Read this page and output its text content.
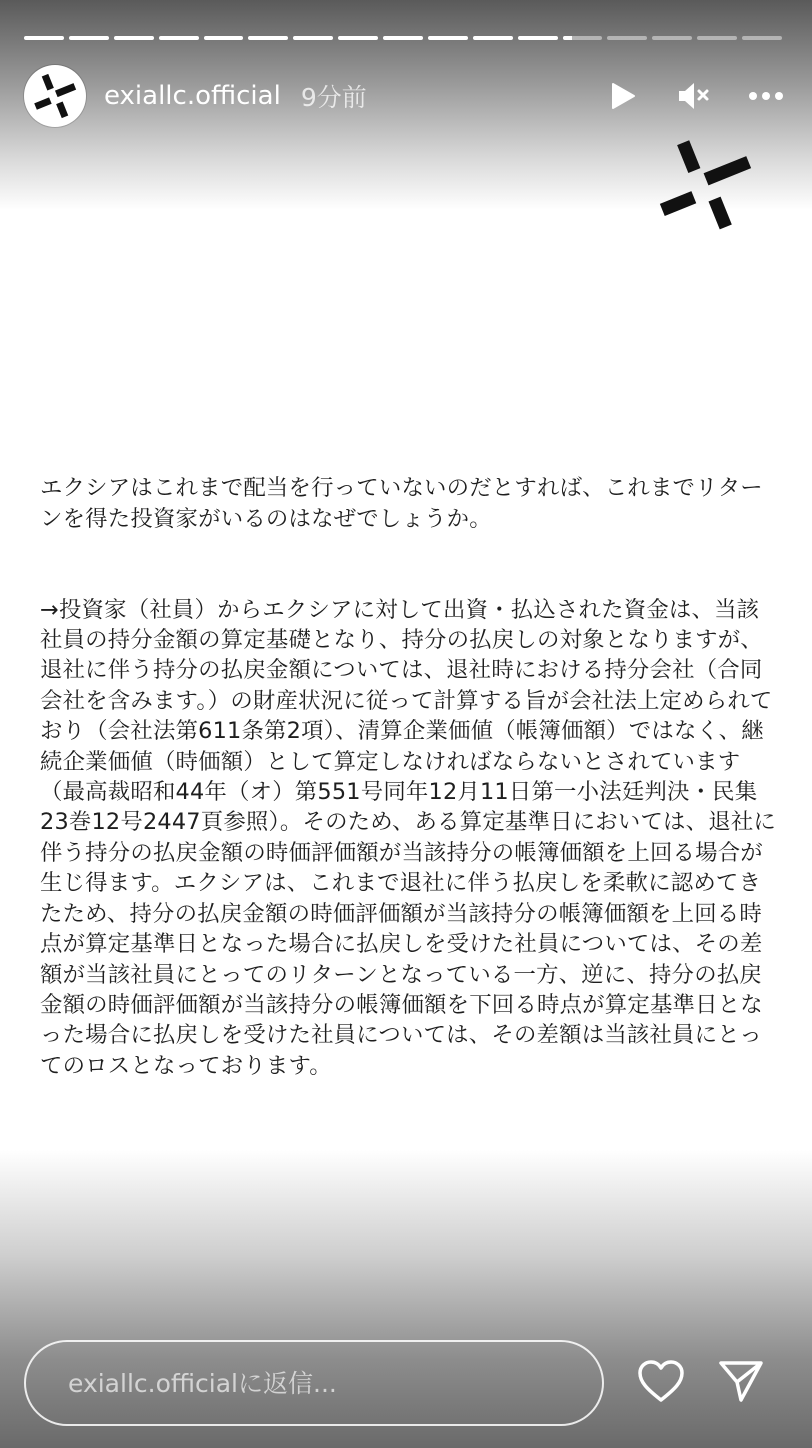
exiallc.official 9分前

エクシアはこれまで配当を行っていないのだとすれば、これまでリターンを得た投資家がいるのはなぜでしょうか。

→投資家（社員）からエクシアに対して出資・払込された資金は、当該社員の持分金額の算定基礎となり、持分の払戻しの対象となりますが、退社に伴う持分の払戻金額については、退社時における持分会社（合同会社を含みます。）の財産状況に従って計算する旨が会社法上定められており（会社法第611条第2項）、清算企業価値（帳簿価額）ではなく、継続企業価値（時価額）として算定しなければならないとされています（最高裁昭和44年（オ）第551号同年12月11日第一小法廷判決・民集23巻12号2447頁参照）。そのため、ある算定基準日においては、退社に伴う持分の払戻金額の時価評価額が当該持分の帳簿価額を上回る場合が生じ得ます。エクシアは、これまで退社に伴う払戻しを柔軟に認めてきたため、持分の払戻金額の時価評価額が当該持分の帳簿価額を上回る時点が算定基準日となった場合に払戻しを受けた社員については、その差額が当該社員にとってのリターンとなっている一方、逆に、持分の払戻金額の時価評価額が当該持分の帳簿価額を下回る時点が算定基準日となった場合に払戻しを受けた社員については、その差額は当該社員にとってのロスとなっております。

exiallc.officialに返信...
